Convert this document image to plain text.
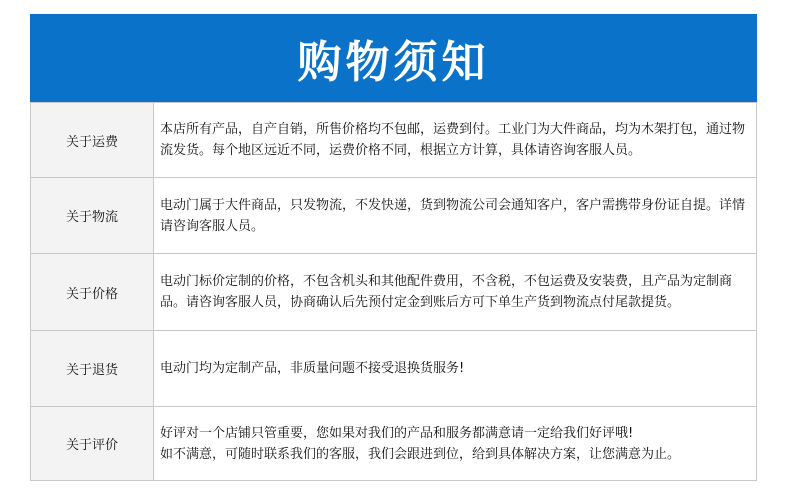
购物须知
关于运费	本店所有产品，自产自销，所售价格均不包邮，运费到付。工业门为大件商品，均为木架打包，通过物流发货。每个地区远近不同，运费价格不同，根据立方计算，具体请咨询客服人员。

关于物流	电动门属于大件商品，只发物流，不发快递，货到物流公司会通知客户，客户需携带身份证自提。详情请咨询客服人员。

关于价格	电动门标价定制的价格，不包含机头和其他配件费用，不含税，不包运费及安装费，且产品为定制商品。请咨询客服人员，协商确认后先预付定金到账后方可下单生产货到物流点付尾款提货。

关于退货	电动门均为定制产品，非质量问题不接受退换货服务!

关于评价	好评对一个店铺只管重要，您如果对我们的产品和服务都满意请一定给我们好评哦!
如不满意，可随时联系我们的客服，我们会跟进到位，给到具体解决方案，让您满意为止。
